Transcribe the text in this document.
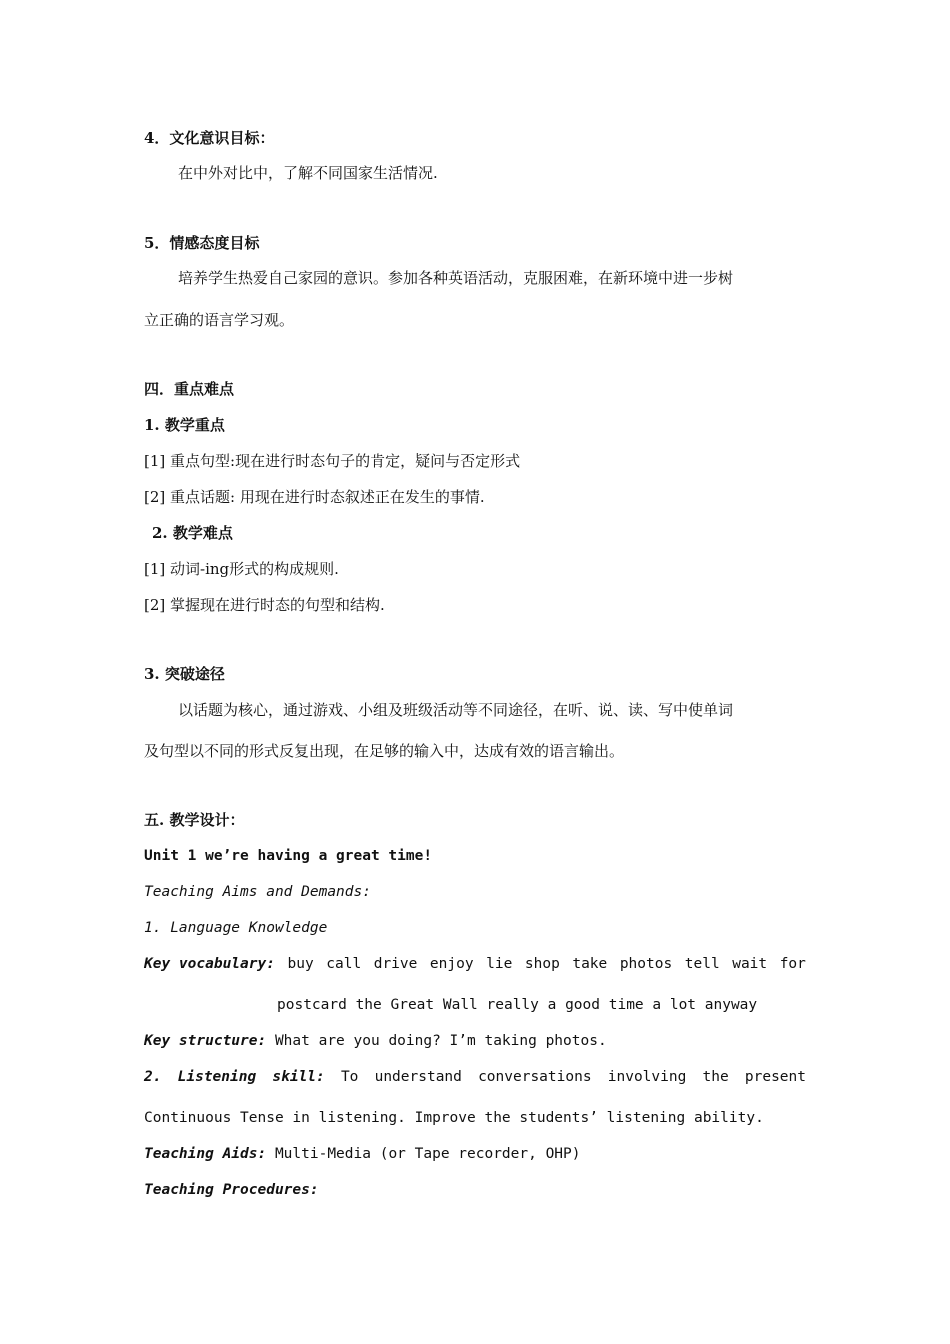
4．文化意识目标：
在中外对比中，了解不同国家生活情况.
5．情感态度目标
培养学生热爱自己家园的意识。参加各种英语活动，克服困难，在新环境中进一步树
立正确的语言学习观。
四．重点难点
1. 教学重点
[1] 重点句型:现在进行时态句子的肯定，疑问与否定形式
[2] 重点话题: 用现在进行时态叙述正在发生的事情.
2. 教学难点
[1] 动词-ing形式的构成规则.
[2] 掌握现在进行时态的句型和结构.
3. 突破途径
以话题为核心，通过游戏、小组及班级活动等不同途径，在听、说、读、写中使单词
及句型以不同的形式反复出现，在足够的输入中，达成有效的语言输出。
五. 教学设计：
Unit 1 we’re having a great time!
Teaching Aims and Demands:
1. Language Knowledge
Key vocabulary: buy call drive enjoy lie shop take photos tell wait for
postcard the Great Wall really a good time a lot anyway
Key structure: What are you doing? I’m taking photos.
2. Listening skill: To understand conversations involving the present
Continuous Tense in listening. Improve the students’ listening ability.
Teaching Aids: Multi-Media (or Tape recorder, OHP)
Teaching Procedures:
